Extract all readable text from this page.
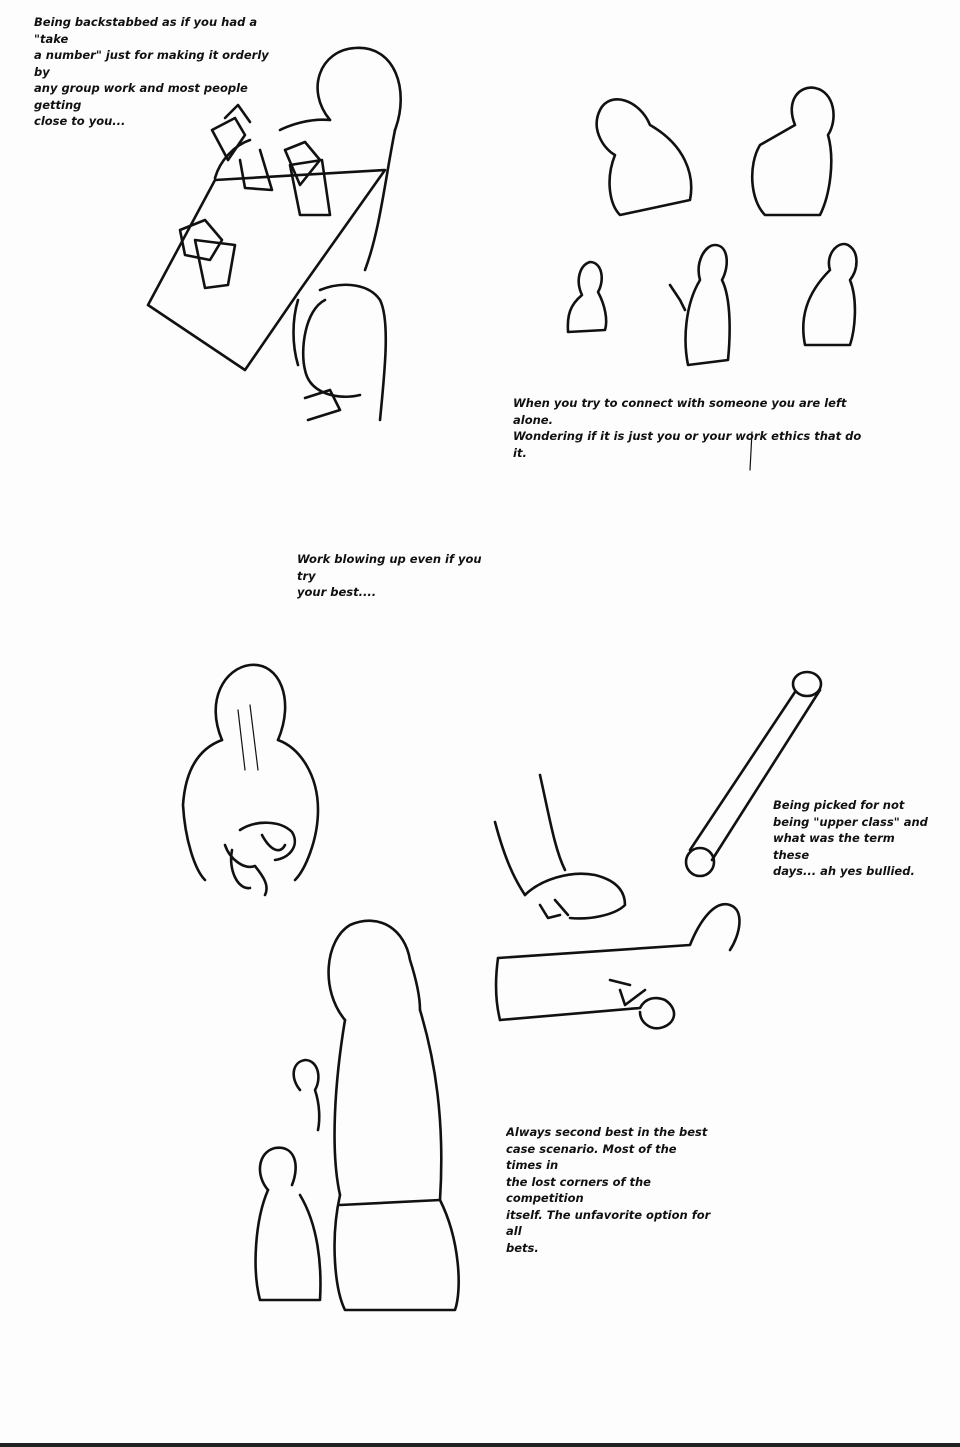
Being backstabbed as if you had a "take
a number" just for making it orderly by
any group work and most people getting
close to you...
When you try to connect with someone you are left alone.
Wondering if it is just you or your work ethics that do it.
Work blowing up even if you try
your best....
Being picked for not
being "upper class" and
what was the term these
days... ah yes bullied.
Always second best in the best
case scenario. Most of the times in
the lost corners of the competition
itself. The unfavorite option for all
bets.
